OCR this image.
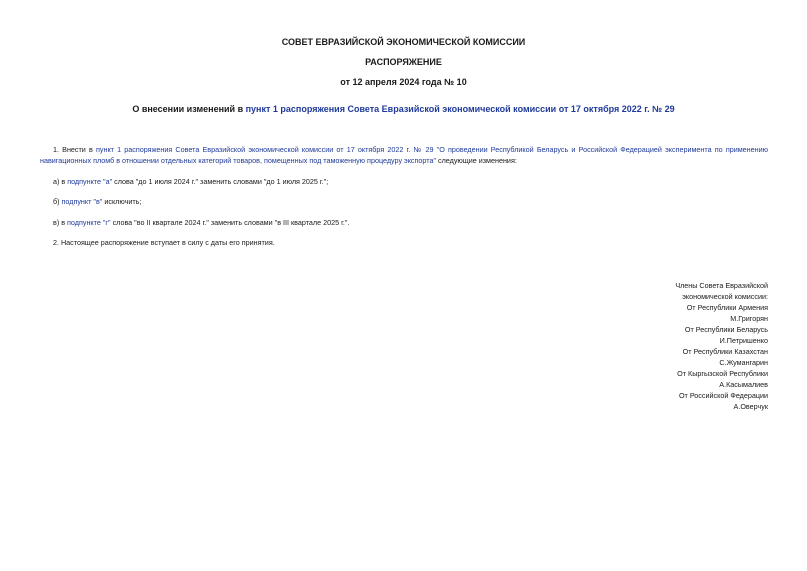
СОВЕТ ЕВРАЗИЙСКОЙ ЭКОНОМИЧЕСКОЙ КОМИССИИ
РАСПОРЯЖЕНИЕ
от 12 апреля 2024 года № 10
О внесении изменений в пункт 1 распоряжения Совета Евразийской экономической комиссии от 17 октября 2022 г. № 29
1. Внести в пункт 1 распоряжения Совета Евразийской экономической комиссии от 17 октября 2022 г. № 29 "О проведении Республикой Беларусь и Российской Федерацией эксперимента по применению навигационных пломб в отношении отдельных категорий товаров, помещенных под таможенную процедуру экспорта" следующие изменения:
а) в подпункте "а" слова "до 1 июля 2024 г." заменить словами "до 1 июля 2025 г.";
б) подпункт "в" исключить;
в) в подпункте "г" слова "во II квартале 2024 г." заменить словами "в III квартале 2025 г.".
2. Настоящее распоряжение вступает в силу с даты его принятия.
Члены Совета Евразийской
экономической комиссии:
От Республики Армения
М.Григорян
От Республики Беларусь
И.Петришенко
От Республики Казахстан
С.Жумангарин
От Кыргызской Республики
А.Касымалиев
От Российской Федерации
А.Оверчук
